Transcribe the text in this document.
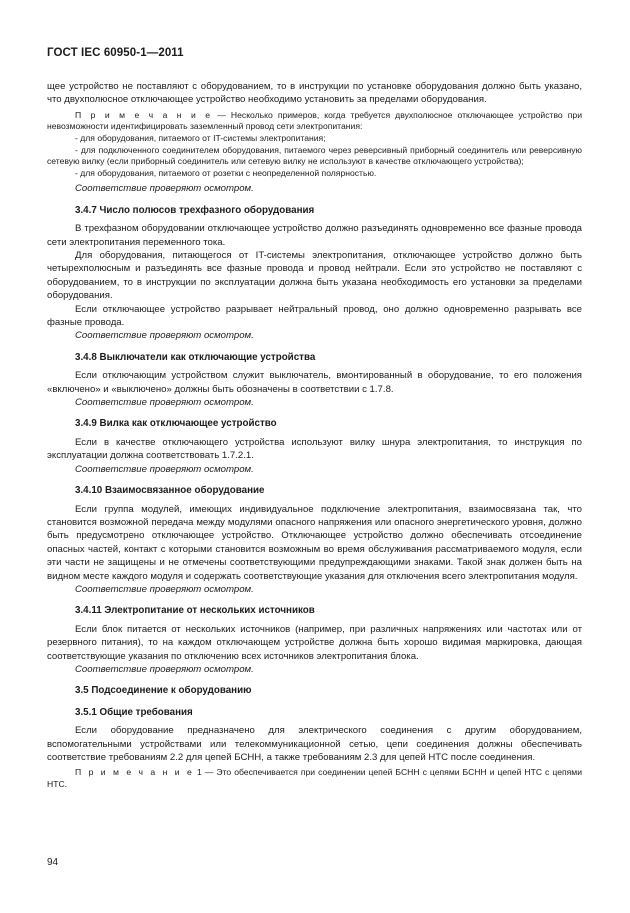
ГОСТ IEC 60950-1—2011

щее устройство не поставляют с оборудованием, то в инструкции по установке оборудования должно быть указано, что двухполюсное отключающее устройство необходимо установить за пределами оборудования.

П р и м е ч а н и е — Несколько примеров, когда требуется двухполюсное отключающее устройство при невозможности идентифицировать заземленный провод сети электропитания:

- для оборудования, питаемого от IT-системы электропитания;

- для подключенного соединителем оборудования, питаемого через реверсивный приборный соединитель или реверсивную сетевую вилку (если приборный соединитель или сетевую вилку не используют в качестве отключающего устройства);

- для оборудования, питаемого от розетки с неопределенной полярностью.

Соответствие проверяют осмотром.

3.4.7 Число полюсов трехфазного оборудования

В трехфазном оборудовании отключающее устройство должно разъединять одновременно все фазные провода сети электропитания переменного тока.

Для оборудования, питающегося от IT-системы электропитания, отключающее устройство должно быть четырехполюсным и разъединять все фазные провода и провод нейтрали. Если это устройство не поставляют с оборудованием, то в инструкции по эксплуатации должна быть указана необходимость его установки за пределами оборудования.

Если отключающее устройство разрывает нейтральный провод, оно должно одновременно разрывать все фазные провода.

Соответствие проверяют осмотром.

3.4.8 Выключатели как отключающие устройства

Если отключающим устройством служит выключатель, вмонтированный в оборудование, то его положения «включено» и «выключено» должны быть обозначены в соответствии с 1.7.8.

Соответствие проверяют осмотром.

3.4.9 Вилка как отключающее устройство

Если в качестве отключающего устройства используют вилку шнура электропитания, то инструкция по эксплуатации должна соответствовать 1.7.2.1.

Соответствие проверяют осмотром.

3.4.10 Взаимосвязанное оборудование

Если группа модулей, имеющих индивидуальное подключение электропитания, взаимосвязана так, что становится возможной передача между модулями опасного напряжения или опасного энергетического уровня, должно быть предусмотрено отключающее устройство. Отключающее устройство должно обеспечивать отсоединение опасных частей, контакт с которыми становится возможным во время обслуживания рассматриваемого модуля, если эти части не защищены и не отмечены соответствующими предупреждающими знаками. Такой знак должен быть на видном месте каждого модуля и содержать соответствующие указания для отключения всего электропитания модуля.

Соответствие проверяют осмотром.

3.4.11 Электропитание от нескольких источников

Если блок питается от нескольких источников (например, при различных напряжениях или частотах или от резервного питания), то на каждом отключающем устройстве должна быть хорошо видимая маркировка, дающая соответствующие указания по отключению всех источников электропитания блока.

Соответствие проверяют осмотром.

3.5 Подсоединение к оборудованию
3.5.1 Общие требования

Если оборудование предназначено для электрического соединения с другим оборудованием, вспомогательными устройствами или телекоммуникационной сетью, цепи соединения должны обеспечивать соответствие требованиям 2.2 для цепей БСНН, а также требованиям 2.3 для цепей НТС после соединения.

П р и м е ч а н и е 1 — Это обеспечивается при соединении цепей БСНН с цепями БСНН и цепей НТС с цепями НТС.

94
